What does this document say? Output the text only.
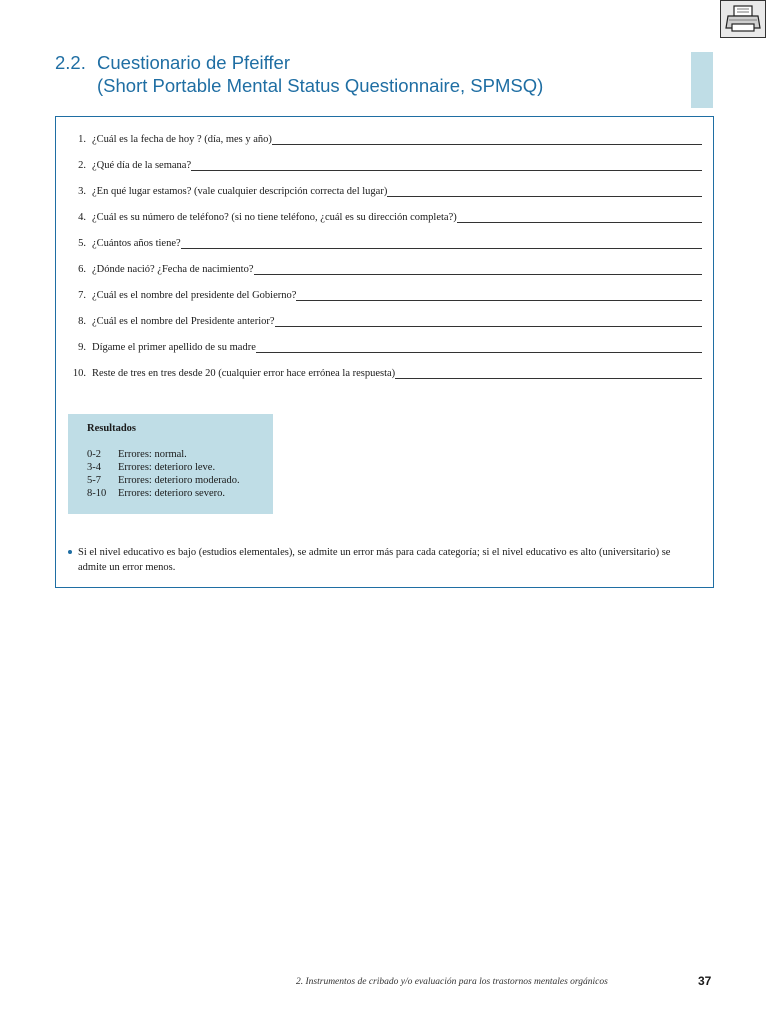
2.2. Cuestionario de Pfeiffer
(Short Portable Mental Status Questionnaire, SPMSQ)
1. ¿Cuál es la fecha de hoy ? (día, mes y año)
2. ¿Qué día de la semana?
3. ¿En qué lugar estamos? (vale cualquier descripción correcta del lugar)
4. ¿Cuál es su número de teléfono? (si no tiene teléfono, ¿cuál es su dirección completa?)
5. ¿Cuántos años tiene?
6. ¿Dónde nació? ¿Fecha de nacimiento?
7. ¿Cuál es el nombre del presidente del Gobierno?
8. ¿Cuál es el nombre del Presidente anterior?
9. Dígame el primer apellido de su madre
10. Reste de tres en tres desde 20 (cualquier error hace errónea la respuesta)
Resultados
0-2	Errores: normal.
3-4	Errores: deterioro leve.
5-7	Errores: deterioro moderado.
8-10	Errores: deterioro severo.
Si el nivel educativo es bajo (estudios elementales), se admite un error más para cada categoría; si el nivel educativo es alto (universitario) se admite un error menos.
2. Instrumentos de cribado y/o evaluación para los trastornos mentales orgánicos	37
